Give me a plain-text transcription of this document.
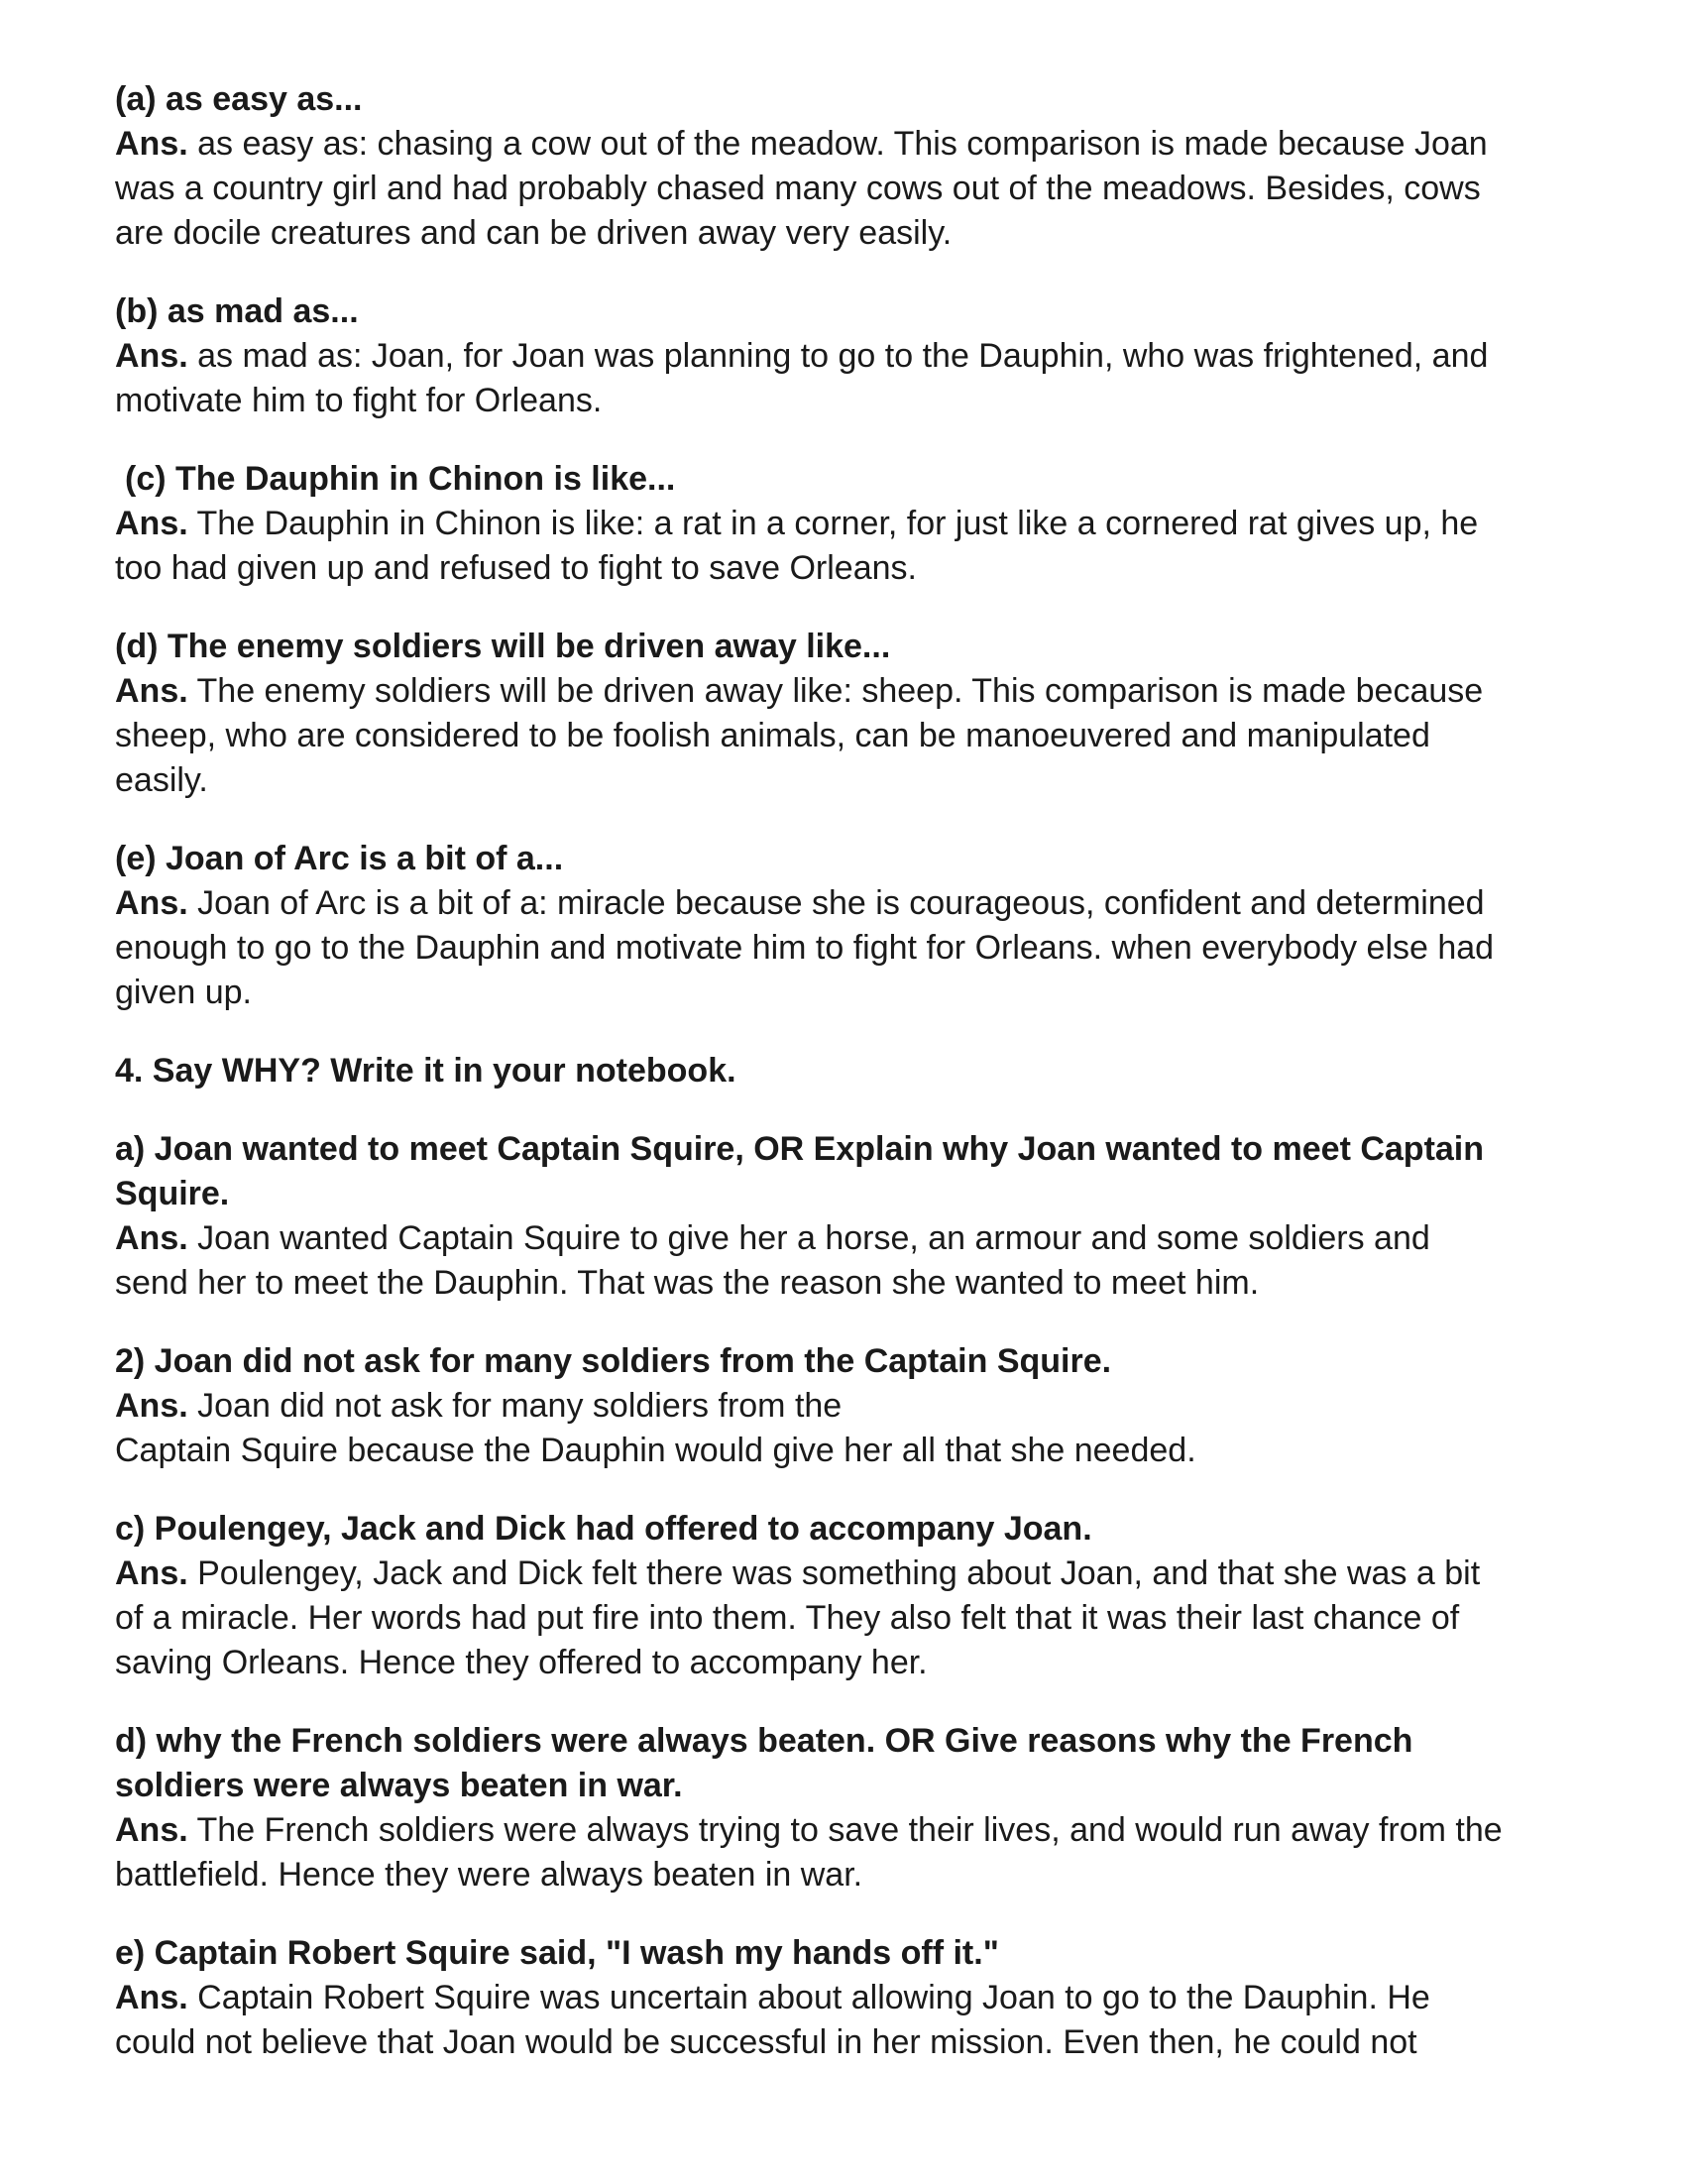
(a) as easy as...

Ans. as easy as: chasing a cow out of the meadow. This comparison is made because Joan

was a country girl and had probably chased many cows out of the meadows. Besides, cows

are docile creatures and can be driven away very easily.

(b) as mad as...

Ans. as mad as: Joan, for Joan was planning to go to the Dauphin, who was frightened, and

motivate him to fight for Orleans.

(c) The Dauphin in Chinon is like...

Ans. The Dauphin in Chinon is like: a rat in a corner, for just like a cornered rat gives up, he

too had given up and refused to fight to save Orleans.

(d) The enemy soldiers will be driven away like...

Ans. The enemy soldiers will be driven away like: sheep. This comparison is made because

sheep, who are considered to be foolish animals, can be manoeuvered and manipulated

easily.

(e) Joan of Arc is a bit of a...

Ans. Joan of Arc is a bit of a: miracle because she is courageous, confident and determined

enough to go to the Dauphin and motivate him to fight for Orleans. when everybody else had

given up.

4. Say WHY? Write it in your notebook.

a) Joan wanted to meet Captain Squire, OR Explain why Joan wanted to meet Captain

Squire.

Ans. Joan wanted Captain Squire to give her a horse, an armour and some soldiers and

send her to meet the Dauphin. That was the reason she wanted to meet him.

2) Joan did not ask for many soldiers from the Captain Squire.

Ans. Joan did not ask for many soldiers from the

Captain Squire because the Dauphin would give her all that she needed.

c) Poulengey, Jack and Dick had offered to accompany Joan.

Ans. Poulengey, Jack and Dick felt there was something about Joan, and that she was a bit

of a miracle. Her words had put fire into them. They also felt that it was their last chance of

saving Orleans. Hence they offered to accompany her.

d) why the French soldiers were always beaten. OR Give reasons why the French

soldiers were always beaten in war.

Ans. The French soldiers were always trying to save their lives, and would run away from the

battlefield. Hence they were always beaten in war.

e) Captain Robert Squire said, "I wash my hands off it."

Ans. Captain Robert Squire was uncertain about allowing Joan to go to the Dauphin. He

could not believe that Joan would be successful in her mission. Even then, he could not
